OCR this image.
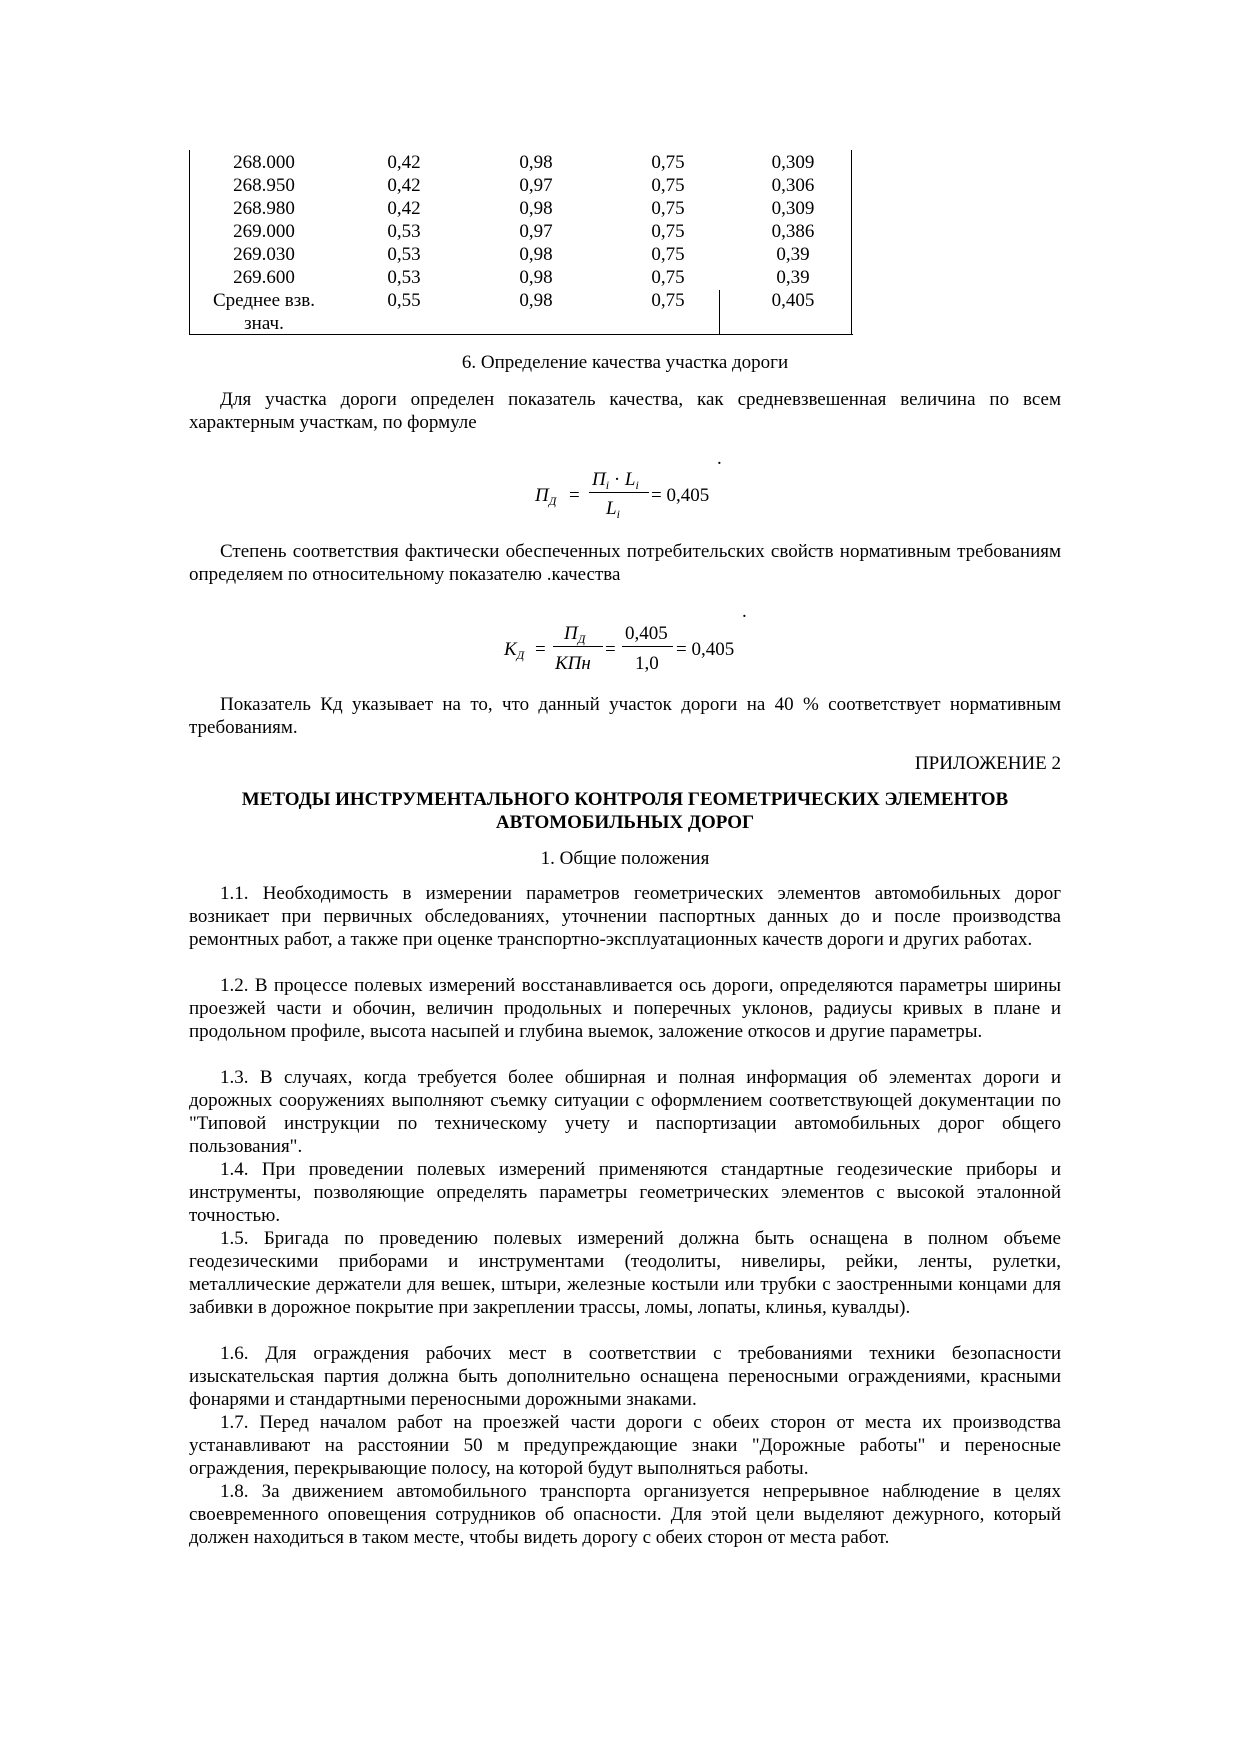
268.000	0,42	0,98	0,75	0,309
268.950	0,42	0,97	0,75	0,306
268.980	0,42	0,98	0,75	0,309
269.000	0,53	0,97	0,75	0,386
269.030	0,53	0,98	0,75	0,39
269.600	0,53	0,98	0,75	0,39
Среднее взв.	0,55	0,98	0,75	0,405
знач.
6. Определение качества участка дороги
Для участка дороги определен показатель качества, как средневзвешенная величина по всем характерным участкам, по формуле
.
$П_Д$ =
$П_i \cdot L_i$
$L_i$
= 0,405
Степень соответствия фактически обеспеченных потребительских свойств нормативным требованиям определяем по относительному показателю .качества
.
$К_Д$ =
$П_Д$
КПн
=
0,405
1,0
= 0,405
Показатель Кд указывает на то, что данный участок дороги на 40 % соответствует нормативным требованиям.
ПРИЛОЖЕНИЕ 2
МЕТОДЫ ИНСТРУМЕНТАЛЬНОГО КОНТРОЛЯ ГЕОМЕТРИЧЕСКИХ ЭЛЕМЕНТОВ
АВТОМОБИЛЬНЫХ ДОРОГ
1. Общие положения
1.1. Необходимость в измерении параметров геометрических элементов автомобильных дорог возникает при первичных обследованиях, уточнении паспортных данных до и после производства ремонтных работ, а также при оценке транспортно-эксплуатационных качеств дороги и других работах.
1.2. В процессе полевых измерений восстанавливается ось дороги, определяются параметры ширины проезжей части и обочин, величин продольных и поперечных уклонов, радиусы кривых в плане и продольном профиле, высота насыпей и глубина выемок, заложение откосов и другие параметры.
1.3. В случаях, когда требуется более обширная и полная информация об элементах дороги и дорожных сооружениях выполняют съемку ситуации с оформлением соответствующей документации по "Типовой инструкции по техническому учету и паспортизации автомобильных дорог общего пользования".
1.4. При проведении полевых измерений применяются стандартные геодезические приборы и инструменты, позволяющие определять параметры геометрических элементов с высокой эталонной точностью.
1.5. Бригада по проведению полевых измерений должна быть оснащена в полном объеме геодезическими приборами и инструментами (теодолиты, нивелиры, рейки, ленты, рулетки, металлические держатели для вешек, штыри, железные костыли или трубки с заостренными концами для забивки в дорожное покрытие при закреплении трассы, ломы, лопаты, клинья, кувалды).
1.6. Для ограждения рабочих мест в соответствии с требованиями техники безопасности изыскательская партия должна быть дополнительно оснащена переносными ограждениями, красными фонарями и стандартными переносными дорожными знаками.
1.7. Перед началом работ на проезжей части дороги с обеих сторон от места их производства устанавливают на расстоянии 50 м предупреждающие знаки "Дорожные работы" и переносные ограждения, перекрывающие полосу, на которой будут выполняться работы.
1.8. За движением автомобильного транспорта организуется непрерывное наблюдение в целях своевременного оповещения сотрудников об опасности. Для этой цели выделяют дежурного, который должен находиться в таком месте, чтобы видеть дорогу с обеих сторон от места работ.
